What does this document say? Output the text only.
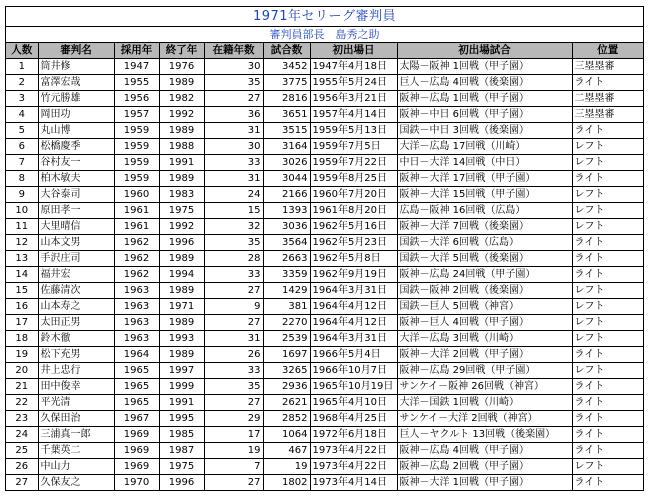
1971年セリーグ審判員
審判員部長　島秀之助
人数	審判名	採用年	終了年	在籍年数	試合数	初出場日	初出場試合	位置
1	筒井修	1947	1976	30	3452	1947年4月18日	太陽－阪神 1回戦（甲子園）	三塁塁審
2	富澤宏哉	1955	1989	35	3775	1955年5月24日	巨人－広島 4回戦（後楽園）	ライト
3	竹元勝雄	1956	1982	27	2816	1956年3月21日	阪神－広島 1回戦（甲子園）	二塁塁審
4	岡田功	1957	1992	36	3651	1957年4月14日	阪神－中日 6回戦（甲子園）	三塁塁審
5	丸山博	1959	1989	31	3515	1959年5月13日	国鉄－中日 3回戦（後楽園）	ライト
6	松橋慶季	1959	1988	30	3164	1959年7月5日	大洋－広島 17回戦（川崎）	レフト
7	谷村友一	1959	1991	33	3026	1959年7月22日	中日－大洋 14回戦（中日）	レフト
8	柏木敏夫	1959	1989	31	3044	1959年8月25日	阪神－大洋 17回戦（甲子園）	ライト
9	大谷泰司	1960	1983	24	2166	1960年7月20日	阪神－大洋 15回戦（甲子園）	レフト
10	原田孝一	1961	1975	15	1393	1961年8月20日	広島－阪神 16回戦（広島）	レフト
11	大里晴信	1961	1992	32	3036	1962年5月16日	阪神－大洋 7回戦（後楽園）	レフト
12	山本文男	1962	1996	35	3564	1962年5月23日	国鉄－大洋 6回戦（広島）	ライト
13	手沢庄司	1962	1989	28	2663	1962年5月8日	国鉄－大洋 5回戦（後楽園）	ライト
14	福井宏	1962	1994	33	3359	1962年9月19日	阪神－広島 24回戦（甲子園）	ライト
15	佐藤清次	1963	1989	27	1429	1964年3月31日	国鉄－阪神 2回戦（後楽園）	レフト
16	山本寿之	1963	1971	9	381	1964年4月12日	国鉄－巨人 5回戦（神宮）	レフト
17	太田正男	1963	1989	27	2270	1964年4月12日	阪神－巨人 4回戦（甲子園）	レフト
18	鈴木徹	1963	1993	31	2539	1964年3月31日	大洋－広島 3回戦（川崎）	レフト
19	松下充男	1964	1989	26	1697	1966年5月4日	阪神－大洋 2回戦（甲子園）	ライト
20	井上忠行	1965	1997	33	3265	1966年10月7日	阪神－広島 29回戦（甲子園）	レフト
21	田中俊幸	1965	1999	35	2936	1965年10月19日	サンケイ－阪神 26回戦（神宮）	ライト
22	平光清	1965	1991	27	2621	1965年4月10日	大洋－国鉄 1回戦（川崎）	ライト
23	久保田治	1967	1995	29	2852	1968年4月25日	サンケイ－大洋 2回戦（神宮）	ライト
24	三浦真一郎	1969	1985	17	1064	1972年6月18日	巨人－ヤクルト 13回戦（後楽園）	ライト
25	千葉英二	1969	1987	19	467	1973年4月22日	阪神－広島 4回戦（甲子園）	ライト
26	中山力	1969	1975	7	19	1973年4月22日	阪神－広島 2回戦（甲子園）	レフト
27	久保友之	1970	1996	27	1802	1973年4月14日	阪神－大洋 1回戦（甲子園）	ライト
